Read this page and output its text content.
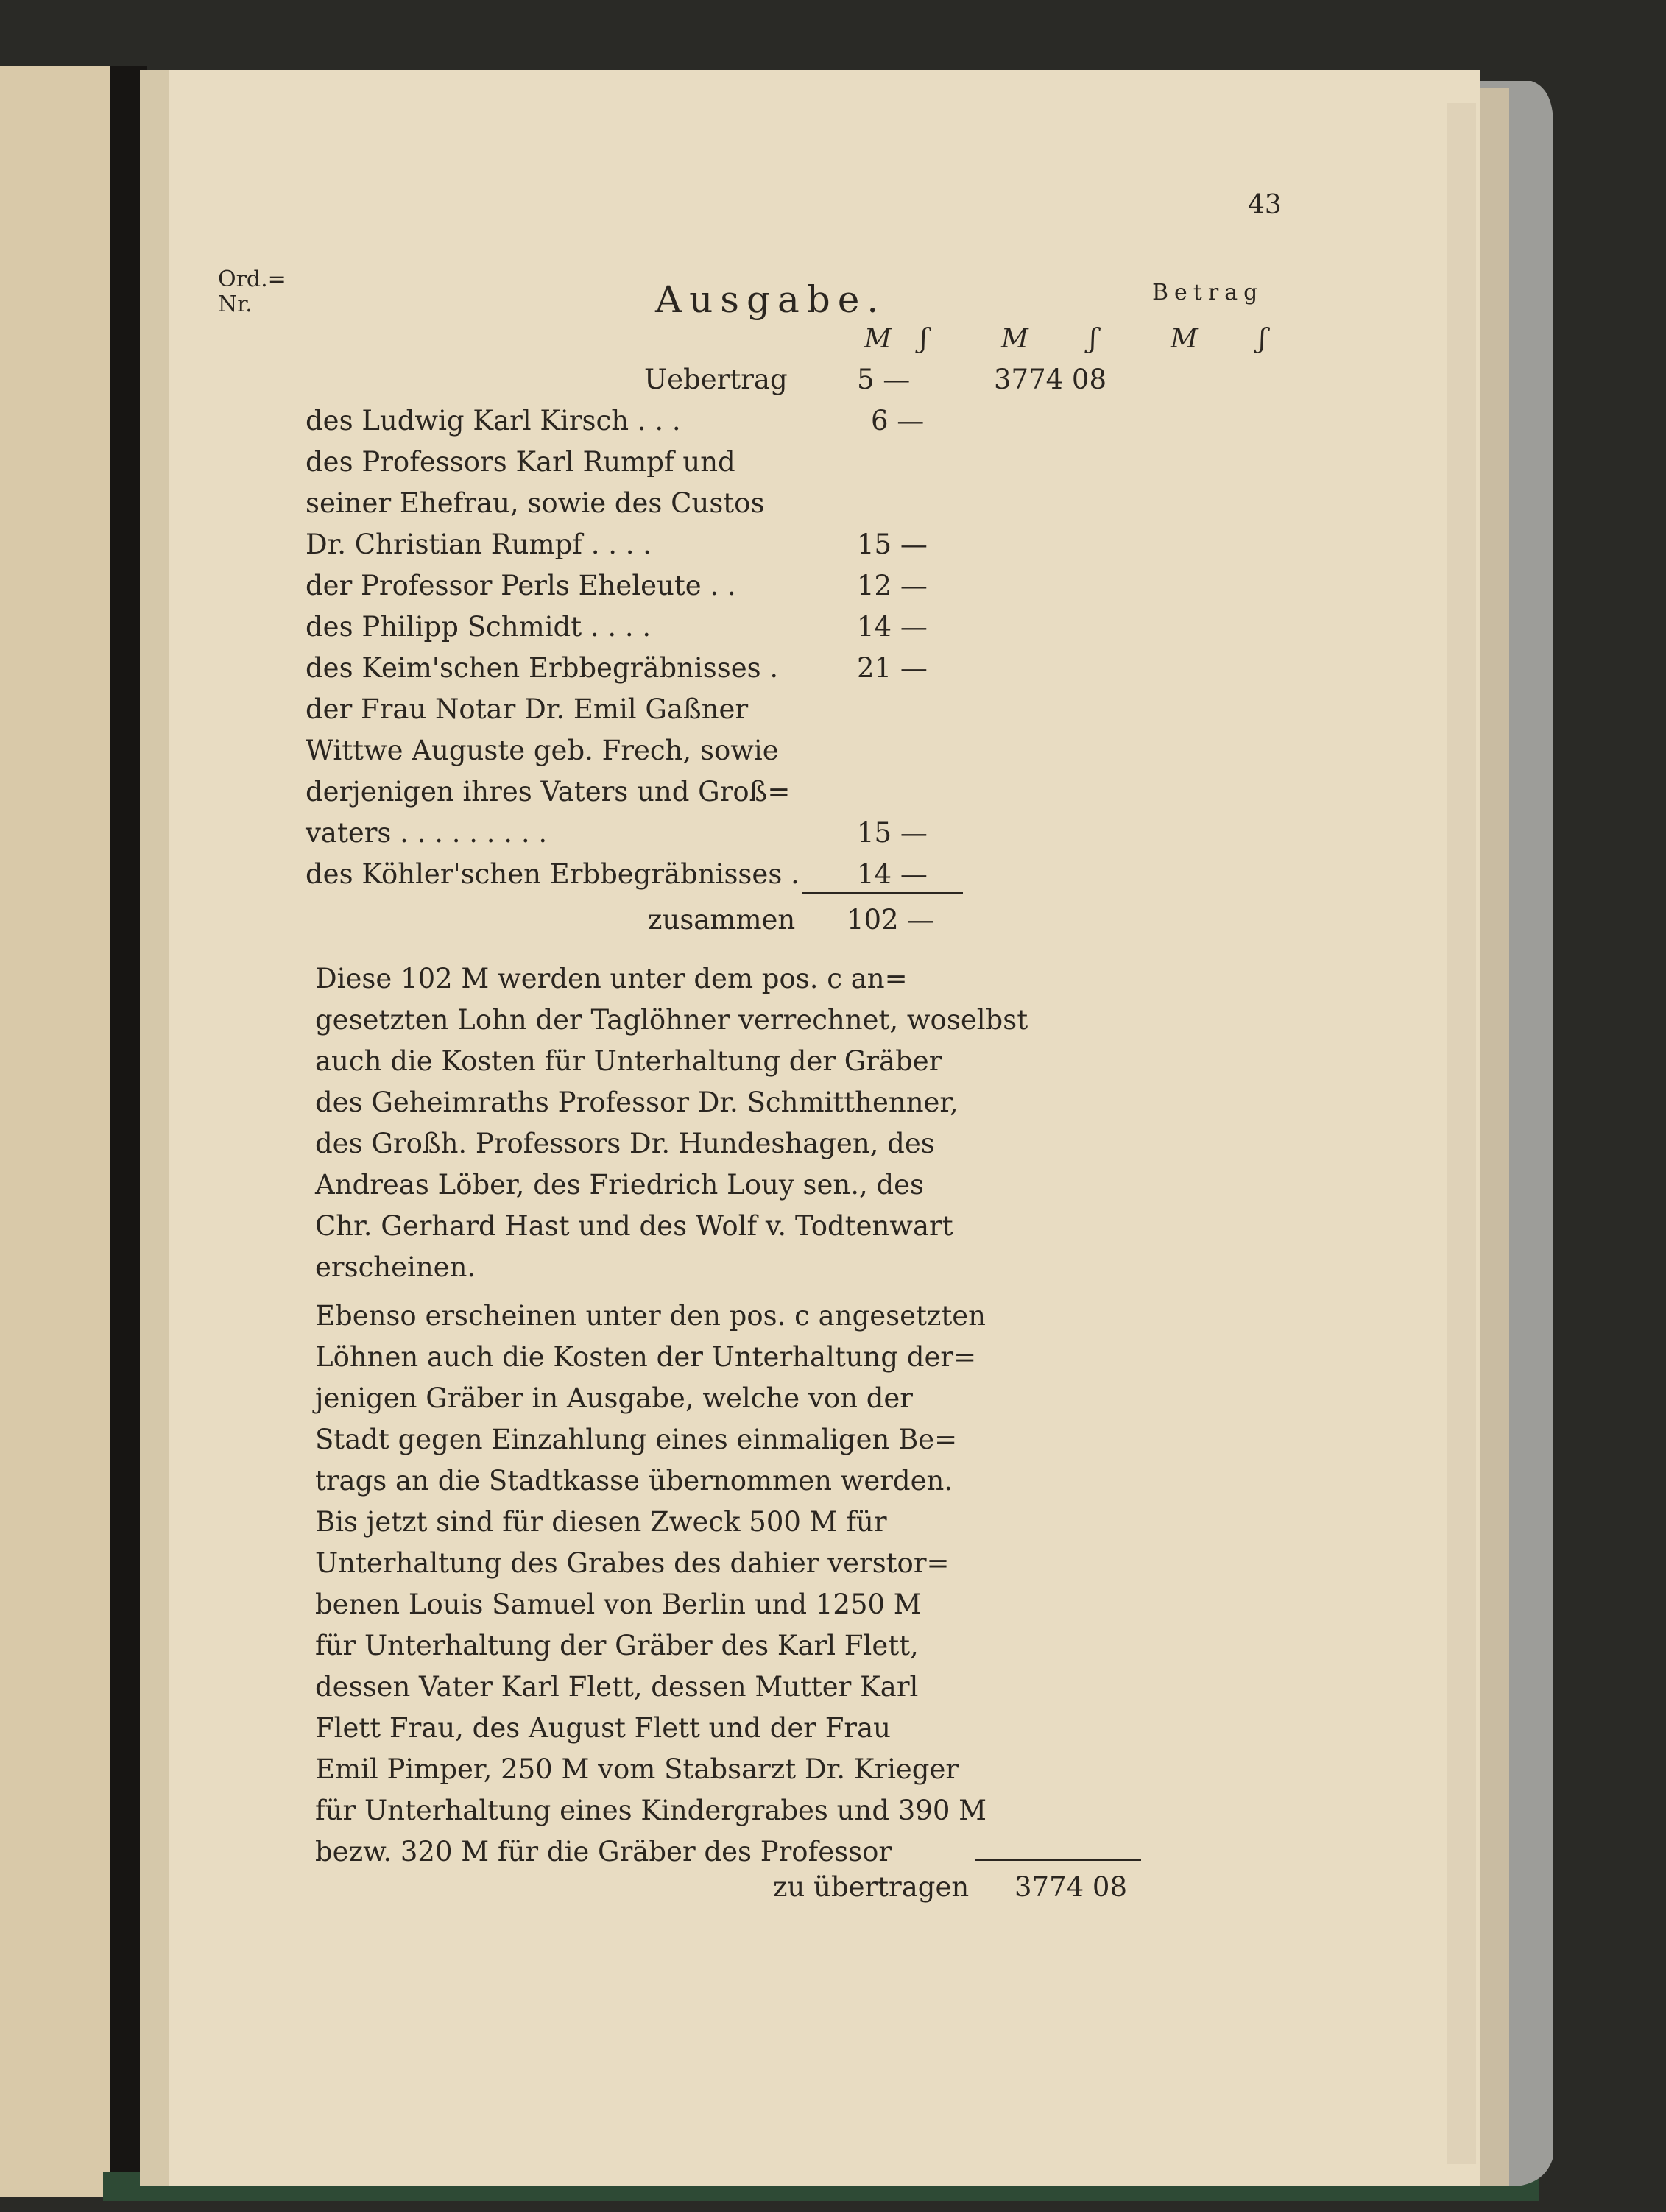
43
Ord.=
Nr.	Ausgabe.	Betrag
M ʃ	M ʃ	M ʃ
Uebertrag	5 —	3774 08
des Ludwig Karl Kirsch . . .	6 —
des Professors Karl Rumpf und
seiner Ehefrau, sowie des Custos
Dr. Christian Rumpf . . . .	15 —
der Professor Perls Eheleute . .	12 —
des Philipp Schmidt . . . .	14 —
des Keim'schen Erbbegräbnisses .	21 —
der Frau Notar Dr. Emil Gaßner
Wittwe Auguste geb. Frech, sowie
derjenigen ihres Vaters und Groß=
vaters . . . . . . . . .	15 —
des Köhler'schen Erbbegräbnisses . 14 —
zusammen 102 —
Diese 102 M werden unter dem pos. c an=
gesetzten Lohn der Taglöhner verrechnet, woselbst
auch die Kosten für Unterhaltung der Gräber
des Geheimraths Professor Dr. Schmitthenner,
des Großh. Professors Dr. Hundeshagen, des
Andreas Löber, des Friedrich Louy sen., des
Chr. Gerhard Hast und des Wolf v. Todtenwart
erscheinen.
Ebenso erscheinen unter den pos. c angesetzten
Löhnen auch die Kosten der Unterhaltung der=
jenigen Gräber in Ausgabe, welche von der
Stadt gegen Einzahlung eines einmaligen Be=
trags an die Stadtkasse übernommen werden.
Bis jetzt sind für diesen Zweck 500 M für
Unterhaltung des Grabes des dahier verstor=
benen Louis Samuel von Berlin und 1250 M
für Unterhaltung der Gräber des Karl Flett,
dessen Vater Karl Flett, dessen Mutter Karl
Flett Frau, des August Flett und der Frau
Emil Pimper, 250 M vom Stabsarzt Dr. Krieger
für Unterhaltung eines Kindergrabes und 390 M
bezw. 320 M für die Gräber des Professor
zu übertragen 3774 08
